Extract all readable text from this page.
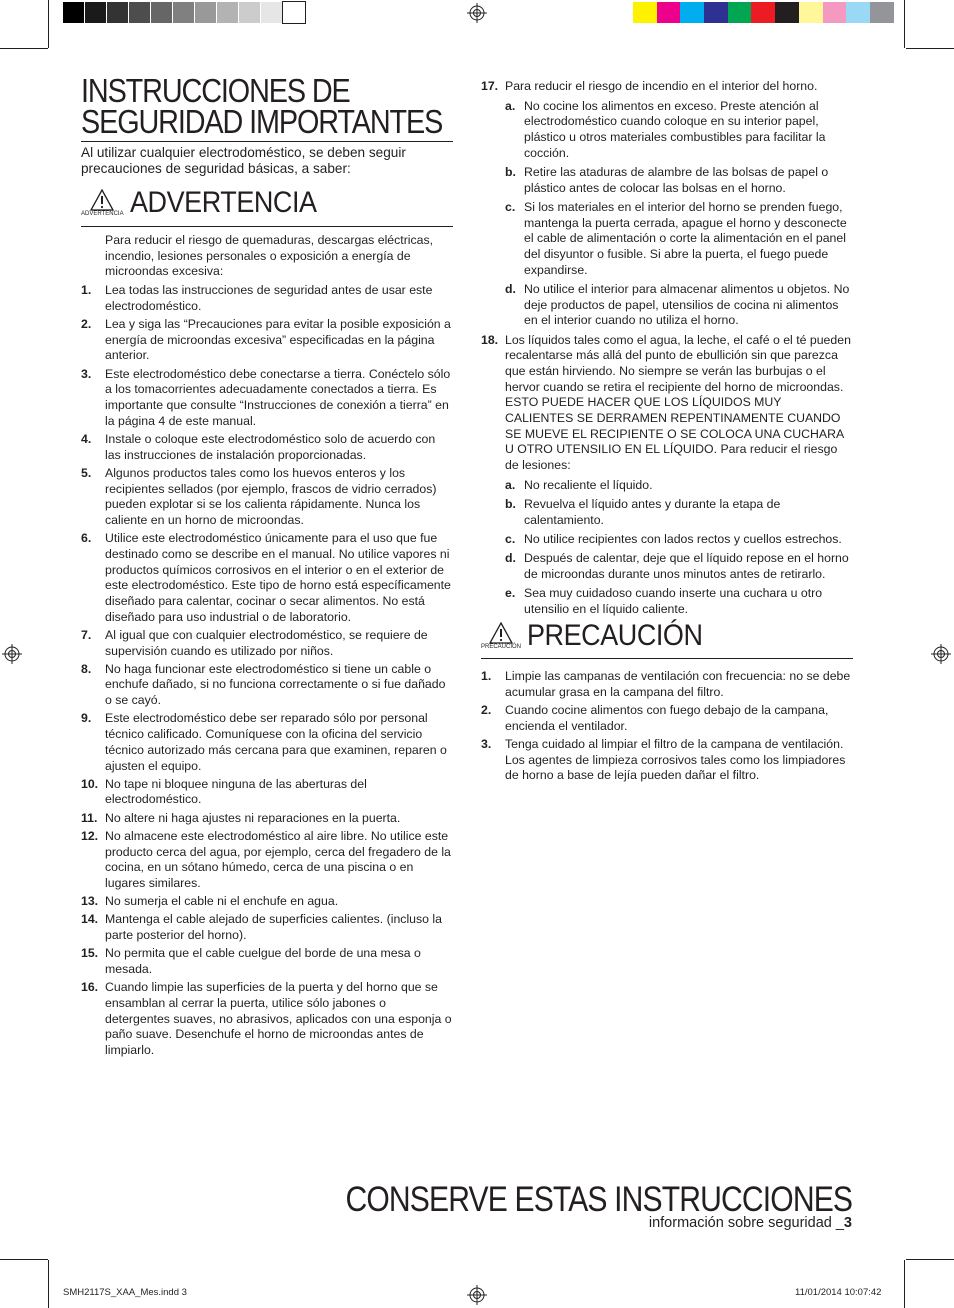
INSTRUCCIONES DE SEGURIDAD IMPORTANTES
Al utilizar cualquier electrodoméstico, se deben seguir precauciones de seguridad básicas, a saber:
ADVERTENCIA ADVERTENCIA
Para reducir el riesgo de quemaduras, descargas eléctricas, incendio, lesiones personales o exposición a energía de microondas excesiva:
1. Lea todas las instrucciones de seguridad antes de usar este electrodoméstico.
2. Lea y siga las “Precauciones para evitar la posible exposición a energía de microondas excesiva” especificadas en la página anterior.
3. Este electrodoméstico debe conectarse a tierra. Conéctelo sólo a los tomacorrientes adecuadamente conectados a tierra. Es importante que consulte “Instrucciones de conexión a tierra” en la página 4 de este manual.
4. Instale o coloque este electrodoméstico solo de acuerdo con las instrucciones de instalación proporcionadas.
5. Algunos productos tales como los huevos enteros y los recipientes sellados (por ejemplo, frascos de vidrio cerrados) pueden explotar si se los calienta rápidamente. Nunca los caliente en un horno de microondas.
6. Utilice este electrodoméstico únicamente para el uso que fue destinado como se describe en el manual. No utilice vapores ni productos químicos corrosivos en el interior o en el exterior de este electrodoméstico. Este tipo de horno está específicamente diseñado para calentar, cocinar o secar alimentos. No está diseñado para uso industrial o de laboratorio.
7. Al igual que con cualquier electrodoméstico, se requiere de supervisión cuando es utilizado por niños.
8. No haga funcionar este electrodoméstico si tiene un cable o enchufe dañado, si no funciona correctamente o si fue dañado o se cayó.
9. Este electrodoméstico debe ser reparado sólo por personal técnico calificado. Comuníquese con la oficina del servicio técnico autorizado más cercana para que examinen, reparen o ajusten el equipo.
10. No tape ni bloquee ninguna de las aberturas del electrodoméstico.
11. No altere ni haga ajustes ni reparaciones en la puerta.
12. No almacene este electrodoméstico al aire libre. No utilice este producto cerca del agua, por ejemplo, cerca del fregadero de la cocina, en un sótano húmedo, cerca de una piscina o en lugares similares.
13. No sumerja el cable ni el enchufe en agua.
14. Mantenga el cable alejado de superficies calientes. (incluso la parte posterior del horno).
15. No permita que el cable cuelgue del borde de una mesa o mesada.
16. Cuando limpie las superficies de la puerta y del horno que se ensamblan al cerrar la puerta, utilice sólo jabones o detergentes suaves, no abrasivos, aplicados con una esponja o paño suave. Desenchufe el horno de microondas antes de limpiarlo.
17. Para reducir el riesgo de incendio en el interior del horno.
a. No cocine los alimentos en exceso. Preste atención al electrodoméstico cuando coloque en su interior papel, plástico u otros materiales combustibles para facilitar la cocción.
b. Retire las ataduras de alambre de las bolsas de papel o plástico antes de colocar las bolsas en el horno.
c. Si los materiales en el interior del horno se prenden fuego, mantenga la puerta cerrada, apague el horno y desconecte el cable de alimentación o corte la alimentación en el panel del disyuntor o fusible. Si abre la puerta, el fuego puede expandirse.
d. No utilice el interior para almacenar alimentos u objetos. No deje productos de papel, utensilios de cocina ni alimentos en el interior cuando no utiliza el horno.
18. Los líquidos tales como el agua, la leche, el café o el té pueden recalentarse más allá del punto de ebullición sin que parezca que están hirviendo. No siempre se verán las burbujas o el hervor cuando se retira el recipiente del horno de microondas. ESTO PUEDE HACER QUE LOS LÍQUIDOS MUY CALIENTES SE DERRAMEN REPENTINAMENTE CUANDO SE MUEVE EL RECIPIENTE O SE COLOCA UNA CUCHARA U OTRO UTENSILIO EN EL LÍQUIDO. Para reducir el riesgo de lesiones:
a. No recaliente el líquido.
b. Revuelva el líquido antes y durante la etapa de calentamiento.
c. No utilice recipientes con lados rectos y cuellos estrechos.
d. Después de calentar, deje que el líquido repose en el horno de microondas durante unos minutos antes de retirarlo.
e. Sea muy cuidadoso cuando inserte una cuchara u otro utensilio en el líquido caliente.
PRECAUCIÓN PRECAUCIÓN
1. Limpie las campanas de ventilación con frecuencia: no se debe acumular grasa en la campana del filtro.
2. Cuando cocine alimentos con fuego debajo de la campana, encienda el ventilador.
3. Tenga cuidado al limpiar el filtro de la campana de ventilación. Los agentes de limpieza corrosivos tales como los limpiadores de horno a base de lejía pueden dañar el filtro.
CONSERVE ESTAS INSTRUCCIONES
información sobre seguridad _3
SMH2117S_XAA_Mes.indd 3	11/01/2014 10:07:42
